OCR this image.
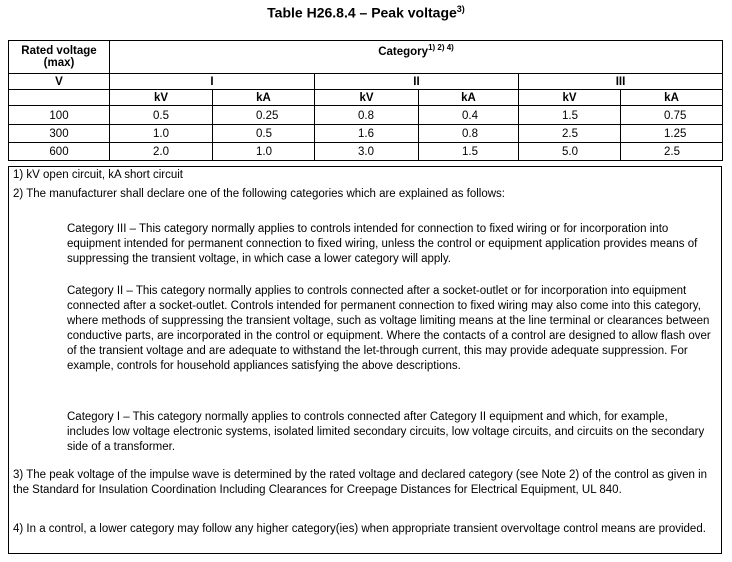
Table H26.8.4 – Peak voltage$^{3)}$
Rated voltage
(max)	Category$^{1) 2) 4)}$
V	I		II		III	
	kV	kA	kV	kA	kV	kA
100	0.5	0.25	0.8	0.4	1.5	0.75
300	1.0	0.5	1.6	0.8	2.5	1.25
600	2.0	1.0	3.0	1.5	5.0	2.5
1) kV open circuit, kA short circuit
2) The manufacturer shall declare one of the following categories which are explained as follows:
Category III – This category normally applies to controls intended for connection to fixed wiring or for incorporation into equipment intended for permanent connection to fixed wiring, unless the control or equipment application provides means of suppressing the transient voltage, in which case a lower category will apply.
Category II – This category normally applies to controls connected after a socket-outlet or for incorporation into equipment connected after a socket-outlet. Controls intended for permanent connection to fixed wiring may also come into this category, where methods of suppressing the transient voltage, such as voltage limiting means at the line terminal or clearances between conductive parts, are incorporated in the control or equipment. Where the contacts of a control are designed to allow flash over of the transient voltage and are adequate to withstand the let-through current, this may provide adequate suppression. For example, controls for household appliances satisfying the above descriptions.
Category I – This category normally applies to controls connected after Category II equipment and which, for example, includes low voltage electronic systems, isolated limited secondary circuits, low voltage circuits, and circuits on the secondary side of a transformer.
3) The peak voltage of the impulse wave is determined by the rated voltage and declared category (see Note 2) of the control as given in the Standard for Insulation Coordination Including Clearances for Creepage Distances for Electrical Equipment, UL 840.
4) In a control, a lower category may follow any higher category(ies) when appropriate transient overvoltage control means are provided.
